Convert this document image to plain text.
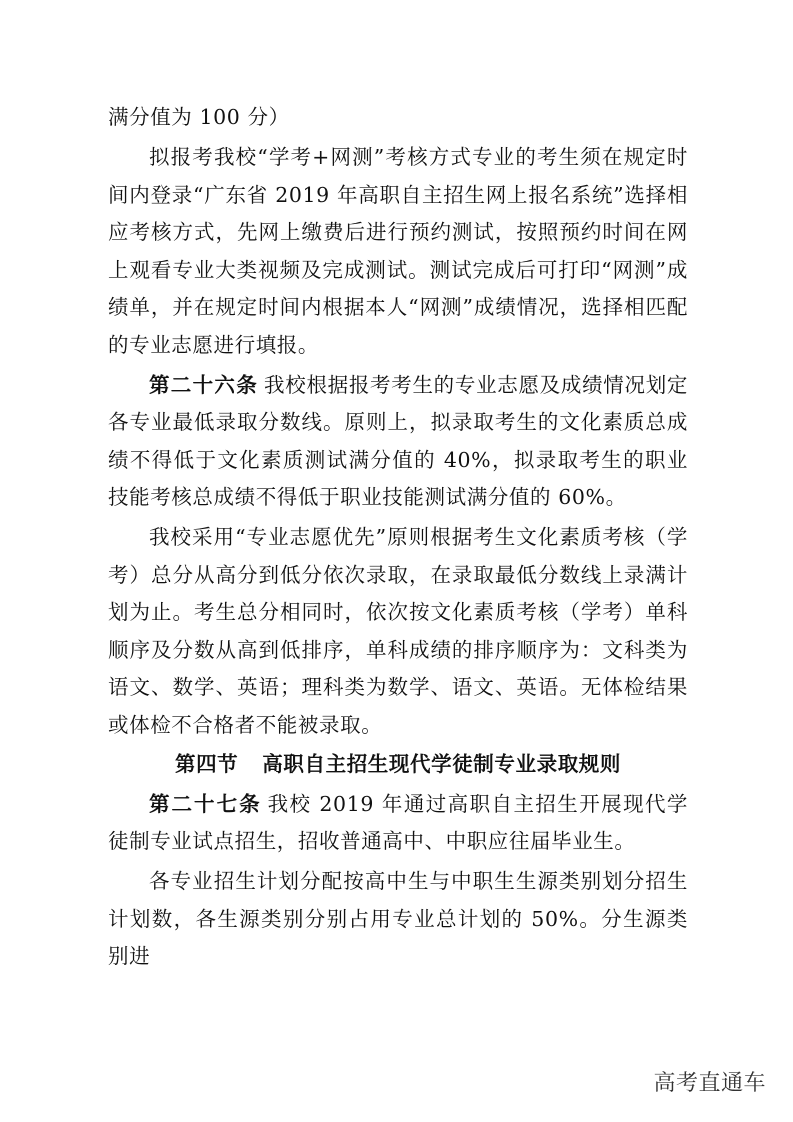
满分值为 100 分）

拟报考我校“学考+网测”考核方式专业的考生须在规定时间内登录“广东省 2019 年高职自主招生网上报名系统”选择相应考核方式，先网上缴费后进行预约测试，按照预约时间在网上观看专业大类视频及完成测试。测试完成后可打印“网测”成绩单，并在规定时间内根据本人“网测”成绩情况，选择相匹配的专业志愿进行填报。

第二十六条 我校根据报考考生的专业志愿及成绩情况划定各专业最低录取分数线。原则上，拟录取考生的文化素质总成绩不得低于文化素质测试满分值的 40%，拟录取考生的职业技能考核总成绩不得低于职业技能测试满分值的 60%。

我校采用“专业志愿优先”原则根据考生文化素质考核（学考）总分从高分到低分依次录取，在录取最低分数线上录满计划为止。考生总分相同时，依次按文化素质考核（学考）单科顺序及分数从高到低排序，单科成绩的排序顺序为：文科类为语文、数学、英语；理科类为数学、语文、英语。无体检结果或体检不合格者不能被录取。

第四节 高职自主招生现代学徒制专业录取规则

第二十七条 我校 2019 年通过高职自主招生开展现代学徒制专业试点招生，招收普通高中、中职应往届毕业生。

各专业招生计划分配按高中生与中职生生源类别划分招生计划数，各生源类别分别占用专业总计划的 50%。分生源类别进

高考直通车
